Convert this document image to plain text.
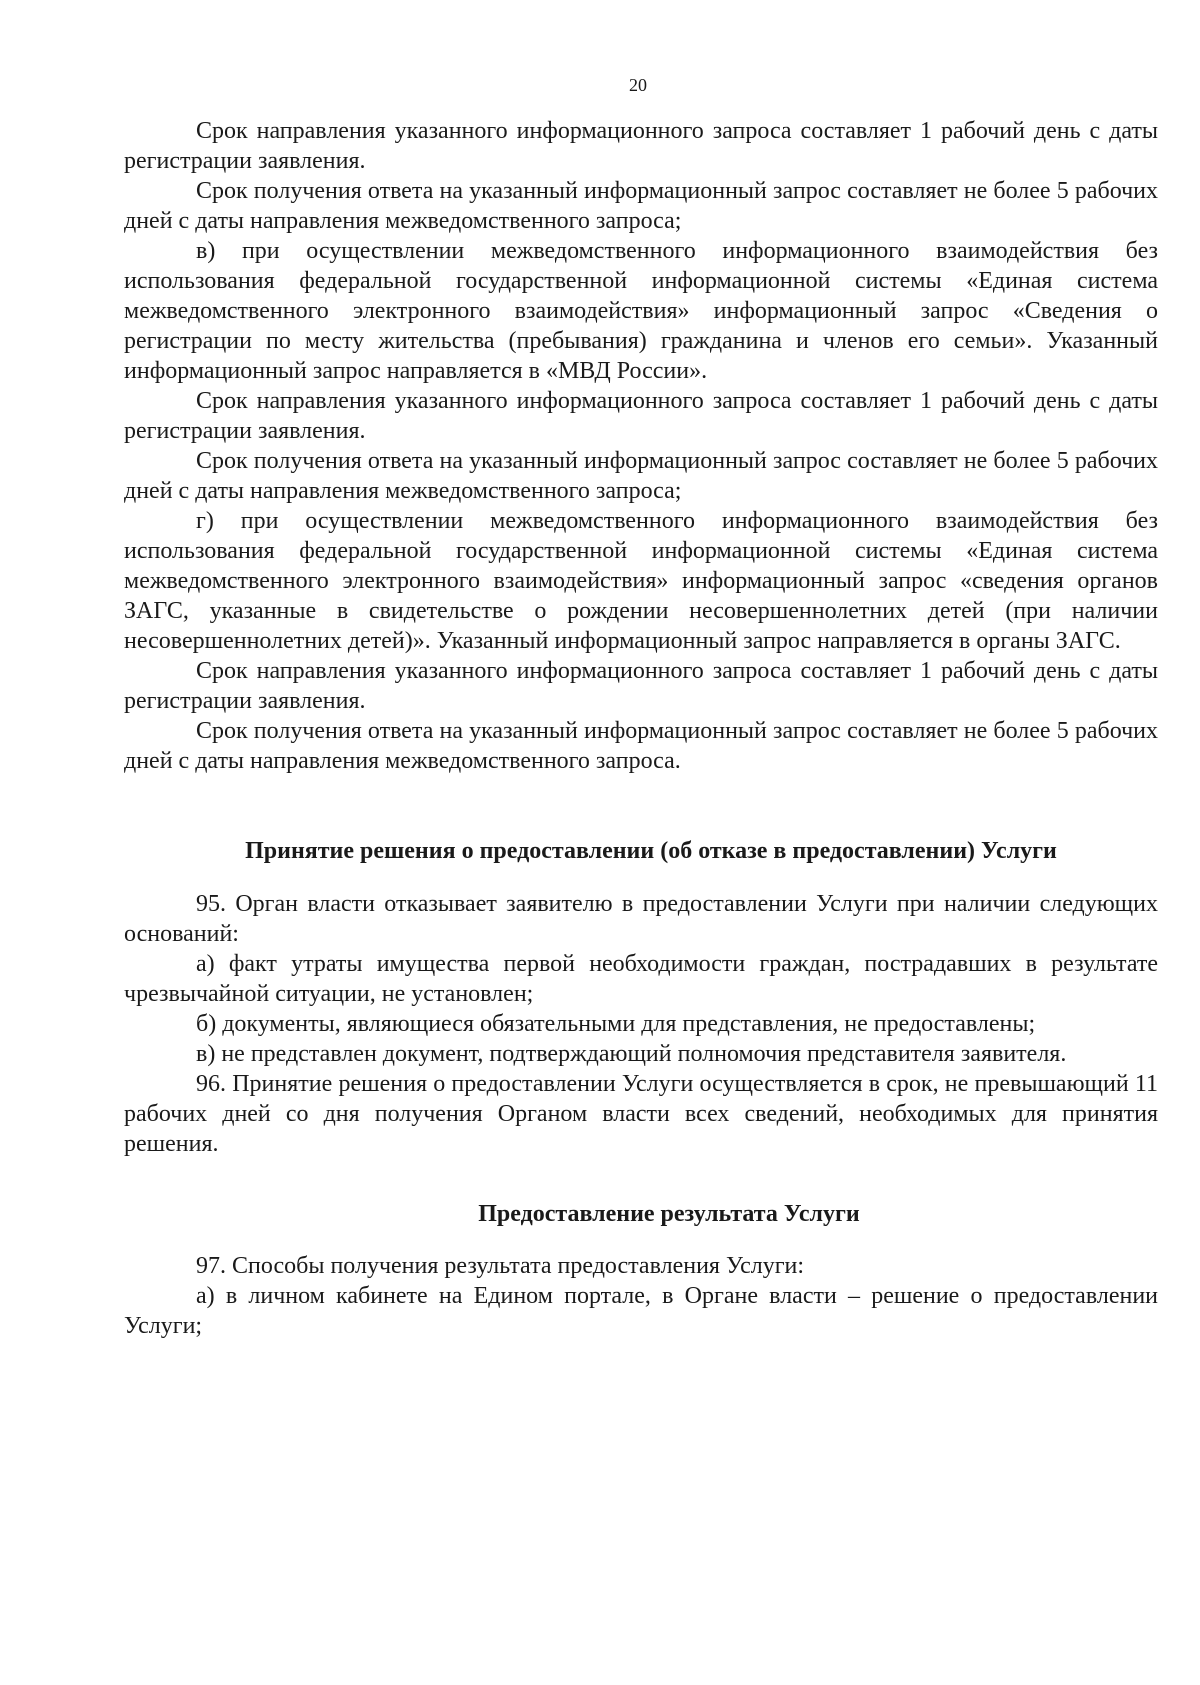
20

Срок направления указанного информационного запроса составляет 1 рабочий день с даты регистрации заявления.

Срок получения ответа на указанный информационный запрос составляет не более 5 рабочих дней с даты направления межведомственного запроса;

в) при осуществлении межведомственного информационного взаимодействия без использования федеральной государственной информационной системы «Единая система межведомственного электронного взаимодействия» информационный запрос «Сведения о регистрации по месту жительства (пребывания) гражданина и членов его семьи». Указанный информационный запрос направляется в «МВД России».

Срок направления указанного информационного запроса составляет 1 рабочий день с даты регистрации заявления.

Срок получения ответа на указанный информационный запрос составляет не более 5 рабочих дней с даты направления межведомственного запроса;

г) при осуществлении межведомственного информационного взаимодействия без использования федеральной государственной информационной системы «Единая система межведомственного электронного взаимодействия» информационный запрос «сведения органов ЗАГС, указанные в свидетельстве о рождении несовершеннолетних детей (при наличии несовершеннолетних детей)». Указанный информационный запрос направляется в органы ЗАГС.

Срок направления указанного информационного запроса составляет 1 рабочий день с даты регистрации заявления.

Срок получения ответа на указанный информационный запрос составляет не более 5 рабочих дней с даты направления межведомственного запроса.

Принятие решения о предоставлении (об отказе в предоставлении) Услуги

95. Орган власти отказывает заявителю в предоставлении Услуги при наличии следующих оснований:

а) факт утраты имущества первой необходимости граждан, пострадавших в результате чрезвычайной ситуации, не установлен;

б) документы, являющиеся обязательными для представления, не предоставлены;

в) не представлен документ, подтверждающий полномочия представителя заявителя.

96. Принятие решения о предоставлении Услуги осуществляется в срок, не превышающий 11 рабочих дней со дня получения Органом власти всех сведений, необходимых для принятия решения.

Предоставление результата Услуги

97. Способы получения результата предоставления Услуги:

а) в личном кабинете на Едином портале, в Органе власти – решение о предоставлении Услуги;
